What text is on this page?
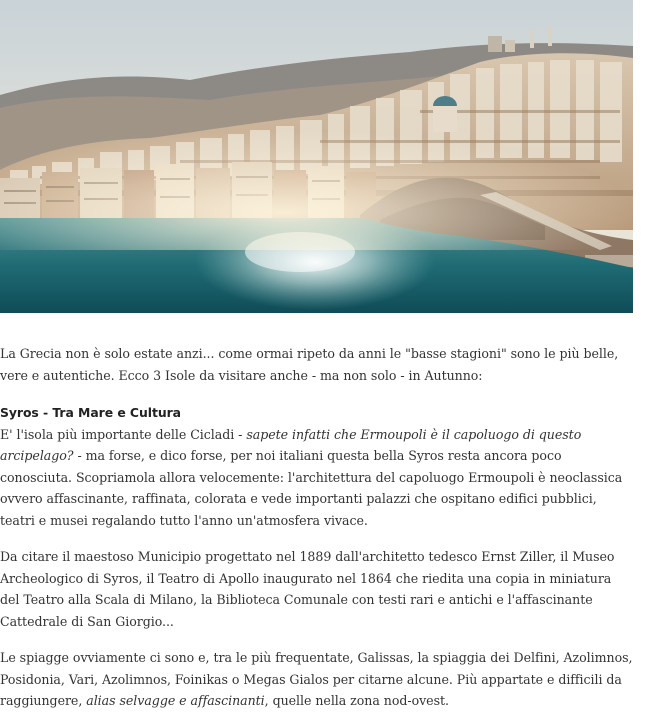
La Grecia non è solo estate anzi... come ormai ripeto da anni le "basse stagioni" sono le più belle, vere e autentiche. Ecco 3 Isole da visitare anche - ma non solo - in Autunno:

Syros - Tra Mare e Cultura
E' l'isola più importante delle Cicladi - sapete infatti che Ermoupoli è il capoluogo di questo arcipelago? - ma forse, e dico forse, per noi italiani questa bella Syros resta ancora poco conosciuta. Scopriamola allora velocemente: l'architettura del capoluogo Ermoupoli è neoclassica ovvero affascinante, raffinata, colorata e vede importanti palazzi che ospitano edifici pubblici, teatri e musei regalando tutto l'anno un'atmosfera vivace.

Da citare il maestoso Municipio progettato nel 1889 dall'architetto tedesco Ernst Ziller, il Museo Archeologico di Syros, il Teatro di Apollo inaugurato nel 1864 che riedita una copia in miniatura del Teatro alla Scala di Milano, la Biblioteca Comunale con testi rari e antichi e l'affascinante Cattedrale di San Giorgio...

Le spiagge ovviamente ci sono e, tra le più frequentate, Galissas, la spiaggia dei Delfini, Azolimnos, Posidonia, Vari, Azolimnos, Foinikas o Megas Gialos per citarne alcune. Più appartate e difficili da raggiungere, alias selvagge e affascinanti, quelle nella zona nod-ovest.
